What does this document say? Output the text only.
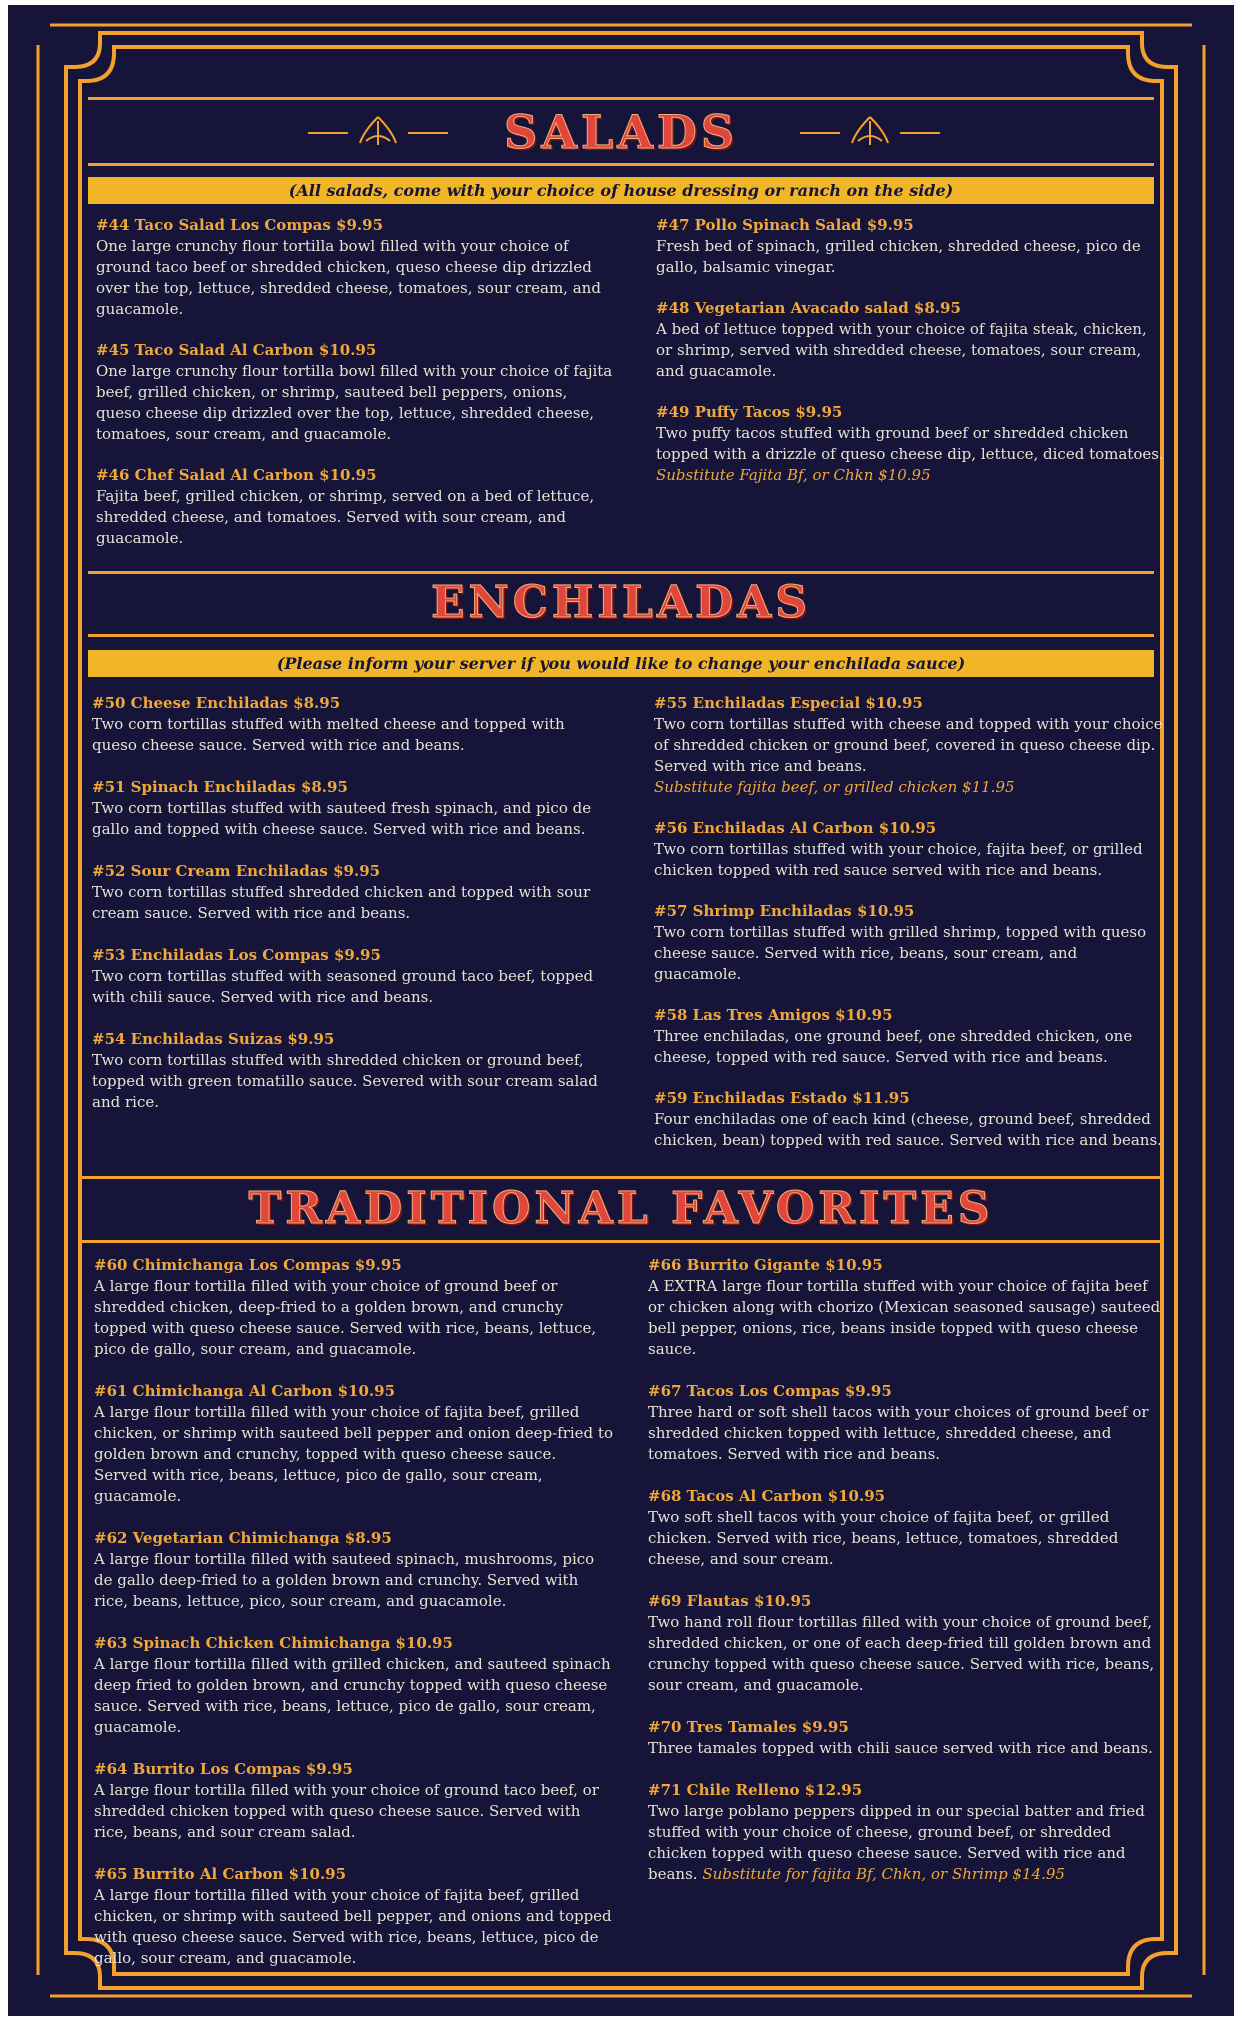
SALADS
(All salads, come with your choice of house dressing or ranch on the side)
#44 Taco Salad Los Compas $9.95
One large crunchy flour tortilla bowl filled with your choice of ground taco beef or shredded chicken, queso cheese dip drizzled over the top, lettuce, shredded cheese, tomatoes, sour cream, and guacamole.
#45 Taco Salad Al Carbon $10.95
One large crunchy flour tortilla bowl filled with your choice of fajita beef, grilled chicken, or shrimp, sauteed bell peppers, onions, queso cheese dip drizzled over the top, lettuce, shredded cheese, tomatoes, sour cream, and guacamole.
#46 Chef Salad Al Carbon $10.95
Fajita beef, grilled chicken, or shrimp, served on a bed of lettuce, shredded cheese, and tomatoes. Served with sour cream, and guacamole.
#47 Pollo Spinach Salad $9.95
Fresh bed of spinach, grilled chicken, shredded cheese, pico de gallo, balsamic vinegar.
#48 Vegetarian Avacado salad $8.95
A bed of lettuce topped with your choice of fajita steak, chicken, or shrimp, served with shredded cheese, tomatoes, sour cream, and guacamole.
#49 Puffy Tacos $9.95
Two puffy tacos stuffed with ground beef or shredded chicken topped with a drizzle of queso cheese dip, lettuce, diced tomatoes.
Substitute Fajita Bf, or Chkn $10.95
ENCHILADAS
(Please inform your server if you would like to change your enchilada sauce)
#50 Cheese Enchiladas $8.95
Two corn tortillas stuffed with melted cheese and topped with queso cheese sauce. Served with rice and beans.
#51 Spinach Enchiladas $8.95
Two corn tortillas stuffed with sauteed fresh spinach, and pico de gallo and topped with cheese sauce. Served with rice and beans.
#52 Sour Cream Enchiladas $9.95
Two corn tortillas stuffed shredded chicken and topped with sour cream sauce. Served with rice and beans.
#53 Enchiladas Los Compas $9.95
Two corn tortillas stuffed with seasoned ground taco beef, topped with chili sauce. Served with rice and beans.
#54 Enchiladas Suizas $9.95
Two corn tortillas stuffed with shredded chicken or ground beef, topped with green tomatillo sauce. Severed with sour cream salad and rice.
#55 Enchiladas Especial $10.95
Two corn tortillas stuffed with cheese and topped with your choice of shredded chicken or ground beef, covered in queso cheese dip. Served with rice and beans.
Substitute fajita beef, or grilled chicken $11.95
#56 Enchiladas Al Carbon $10.95
Two corn tortillas stuffed with your choice, fajita beef, or grilled chicken topped with red sauce served with rice and beans.
#57 Shrimp Enchiladas $10.95
Two corn tortillas stuffed with grilled shrimp, topped with queso cheese sauce. Served with rice, beans, sour cream, and guacamole.
#58 Las Tres Amigos $10.95
Three enchiladas, one ground beef, one shredded chicken, one cheese, topped with red sauce. Served with rice and beans.
#59 Enchiladas Estado $11.95
Four enchiladas one of each kind (cheese, ground beef, shredded chicken, bean) topped with red sauce. Served with rice and beans.
TRADITIONAL FAVORITES
#60 Chimichanga Los Compas $9.95
A large flour tortilla filled with your choice of ground beef or shredded chicken, deep-fried to a golden brown, and crunchy topped with queso cheese sauce. Served with rice, beans, lettuce, pico de gallo, sour cream, and guacamole.
#61 Chimichanga Al Carbon $10.95
A large flour tortilla filled with your choice of fajita beef, grilled chicken, or shrimp with sauteed bell pepper and onion deep-fried to golden brown and crunchy, topped with queso cheese sauce. Served with rice, beans, lettuce, pico de gallo, sour cream, guacamole.
#62 Vegetarian Chimichanga $8.95
A large flour tortilla filled with sauteed spinach, mushrooms, pico de gallo deep-fried to a golden brown and crunchy. Served with rice, beans, lettuce, pico, sour cream, and guacamole.
#63 Spinach Chicken Chimichanga $10.95
A large flour tortilla filled with grilled chicken, and sauteed spinach deep fried to golden brown, and crunchy topped with queso cheese sauce. Served with rice, beans, lettuce, pico de gallo, sour cream, guacamole.
#64 Burrito Los Compas $9.95
A large flour tortilla filled with your choice of ground taco beef, or shredded chicken topped with queso cheese sauce. Served with rice, beans, and sour cream salad.
#65 Burrito Al Carbon $10.95
A large flour tortilla filled with your choice of fajita beef, grilled chicken, or shrimp with sauteed bell pepper, and onions and topped with queso cheese sauce. Served with rice, beans, lettuce, pico de gallo, sour cream, and guacamole.
#66 Burrito Gigante $10.95
A EXTRA large flour tortilla stuffed with your choice of fajita beef or chicken along with chorizo (Mexican seasoned sausage) sauteed bell pepper, onions, rice, beans inside topped with queso cheese sauce.
#67 Tacos Los Compas $9.95
Three hard or soft shell tacos with your choices of ground beef or shredded chicken topped with lettuce, shredded cheese, and tomatoes. Served with rice and beans.
#68 Tacos Al Carbon $10.95
Two soft shell tacos with your choice of fajita beef, or grilled chicken. Served with rice, beans, lettuce, tomatoes, shredded cheese, and sour cream.
#69 Flautas $10.95
Two hand roll flour tortillas filled with your choice of ground beef, shredded chicken, or one of each deep-fried till golden brown and crunchy topped with queso cheese sauce. Served with rice, beans, sour cream, and guacamole.
#70 Tres Tamales $9.95
Three tamales topped with chili sauce served with rice and beans.
#71 Chile Relleno $12.95
Two large poblano peppers dipped in our special batter and fried stuffed with your choice of cheese, ground beef, or shredded chicken topped with queso cheese sauce. Served with rice and beans. Substitute for fajita Bf, Chkn, or Shrimp $14.95
